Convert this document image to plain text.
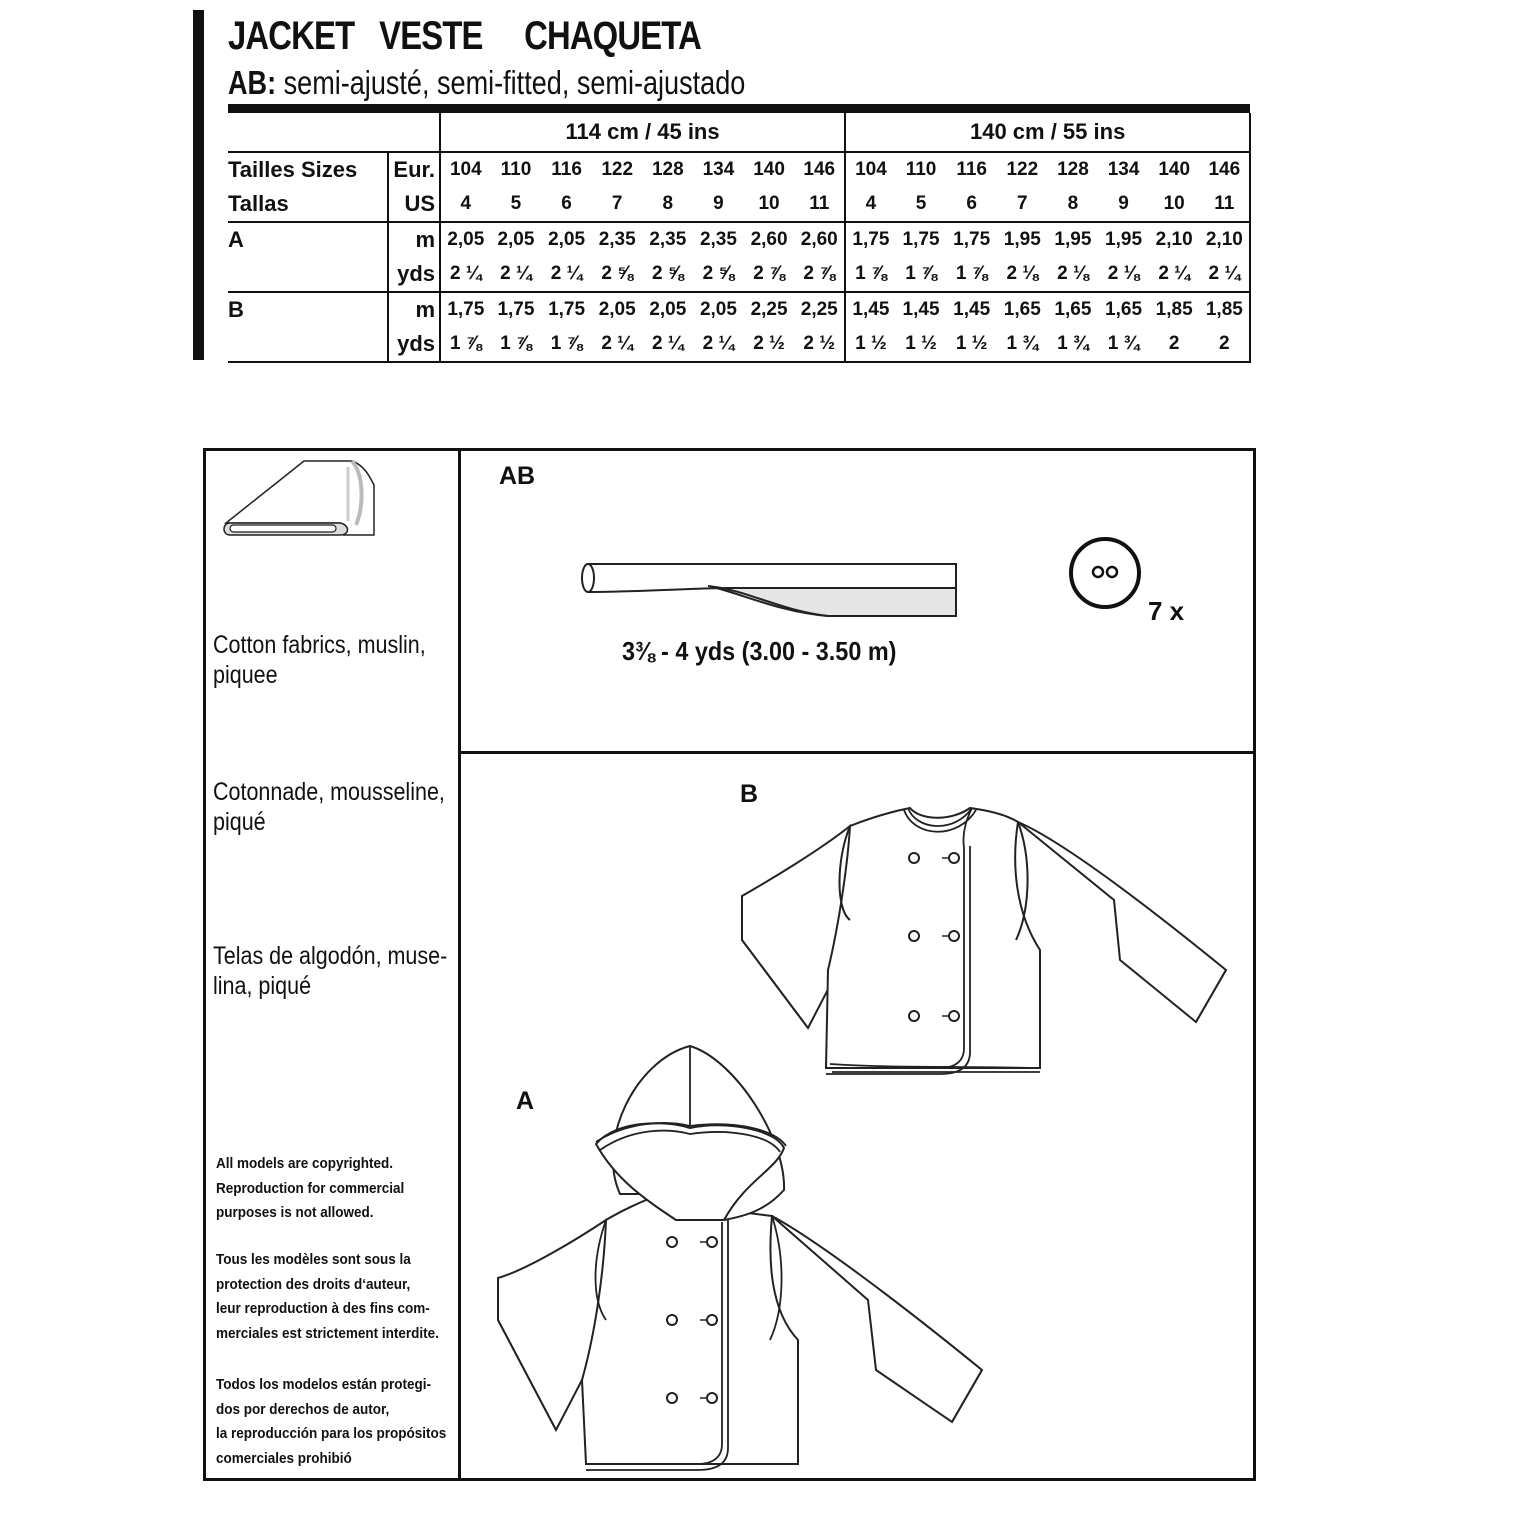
JACKET   VESTE     CHAQUETA
AB: semi-ajusté, semi-fitted, semi-ajustado
		114 cm / 45 ins								140 cm / 55 ins							
Tailles Sizes	Eur.	104	110	116	122	128	134	140	146	104	110	116	122	128	134	140	146
Tallas	US	4	5	6	7	8	9	10	11	4	5	6	7	8	9	10	11
A	m	2,05	2,05	2,05	2,35	2,35	2,35	2,60	2,60	1,75	1,75	1,75	1,95	1,95	1,95	2,10	2,10
	yds	2 ¼	2 ¼	2 ¼	2 ⅝	2 ⅝	2 ⅝	2 ⅞	2 ⅞	1 ⅞	1 ⅞	1 ⅞	2 ⅛	2 ⅛	2 ⅛	2 ¼	2 ¼
B	m	1,75	1,75	1,75	2,05	2,05	2,05	2,25	2,25	1,45	1,45	1,45	1,65	1,65	1,65	1,85	1,85
	yds	1 ⅞	1 ⅞	1 ⅞	2 ¼	2 ¼	2 ¼	2 ½	2 ½	1 ½	1 ½	1 ½	1 ¾	1 ¾	1 ¾	2	2
Cotton fabrics, muslin,
piquee
Cotonnade, mousseline,
piqué
Telas de algodón, muse-
lina, piqué
All models are copyrighted.
Reproduction for commercial
purposes is not allowed.
Tous les modèles sont sous la
protection des droits d‘auteur,
leur reproduction à des fins com-
merciales est strictement interdite.
Todos los modelos están protegi-
dos por derechos de autor,
la reproducción para los propósitos
comerciales prohibió
AB
3⅜ - 4 yds (3.00 - 3.50 m)
7 x
B
A
